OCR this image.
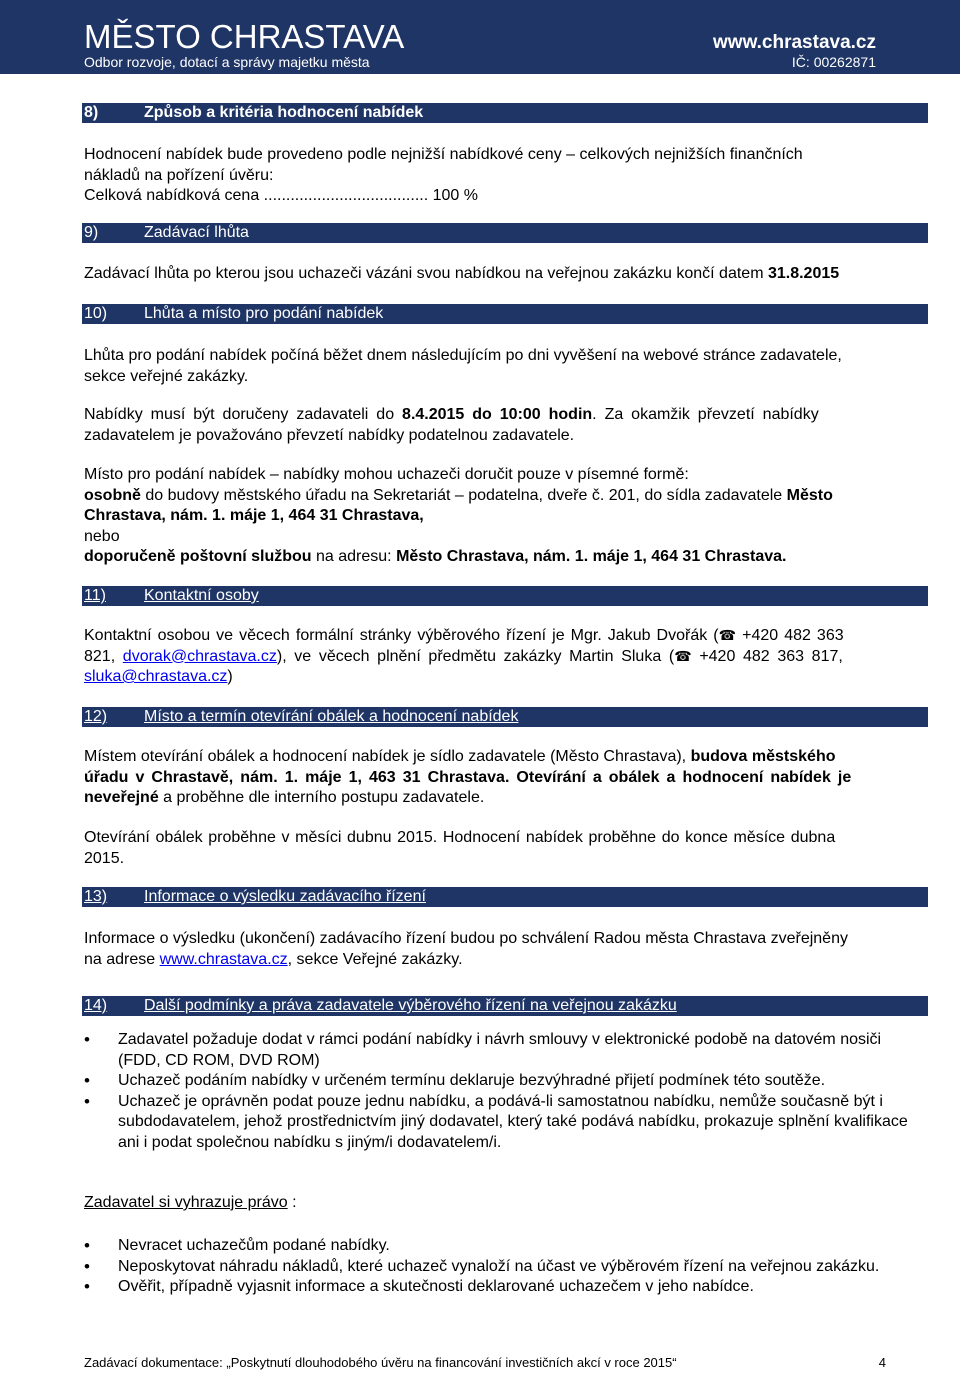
MĚSTO CHRASTAVA
Odbor rozvoje, dotací a správy majetku města
www.chrastava.cz
IČ: 00262871
8)	Způsob a kritéria hodnocení nabídek
Hodnocení nabídek bude provedeno podle nejnižší nabídkové ceny – celkových nejnižších finančních
nákladů na pořízení úvěru:
Celková nabídková cena ..................................... 100 %
9)	Zadávací lhůta
Zadávací lhůta po kterou jsou uchazeči vázáni svou nabídkou na veřejnou zakázku končí datem 31.8.2015
10) Lhůta a místo pro podání nabídek
Lhůta pro podání nabídek počíná běžet dnem následujícím po dni vyvěšení na webové stránce zadavatele,
sekce veřejné zakázky.
Nabídky musí být doručeny zadavateli do 8.4.2015 do 10:00 hodin. Za okamžik převzetí nabídky
zadavatelem je považováno převzetí nabídky podatelnou zadavatele.
Místo pro podání nabídek – nabídky mohou uchazeči doručit pouze v písemné formě:
osobně do budovy městského úřadu na Sekretariát – podatelna, dveře č. 201, do sídla zadavatele Město
Chrastava, nám. 1. máje 1, 464 31 Chrastava,
nebo
doporučeně poštovní službou na adresu: Město Chrastava, nám. 1. máje 1, 464 31 Chrastava.
11) Kontaktní osoby
Kontaktní osobou ve věcech formální stránky výběrového řízení je Mgr. Jakub Dvořák (☎ +420 482 363
821, dvorak@chrastava.cz), ve věcech plnění předmětu zakázky Martin Sluka (☎ +420 482 363 817,
sluka@chrastava.cz)
12) Místo a termín otevírání obálek a hodnocení nabídek
Místem otevírání obálek a hodnocení nabídek je sídlo zadavatele (Město Chrastava), budova městského
úřadu v Chrastavě, nám. 1. máje 1, 463 31 Chrastava. Otevírání a obálek a hodnocení nabídek je
neveřejné a proběhne dle interního postupu zadavatele.
Otevírání obálek proběhne v měsíci dubnu 2015. Hodnocení nabídek proběhne do konce měsíce dubna
2015.
13) Informace o výsledku zadávacího řízení
Informace o výsledku (ukončení) zadávacího řízení budou po schválení Radou města Chrastava zveřejněny
na adrese www.chrastava.cz, sekce Veřejné zakázky.
14) Další podmínky a práva zadavatele výběrového řízení na veřejnou zakázku
• Zadavatel požaduje dodat v rámci podání nabídky i návrh smlouvy v elektronické podobě na datovém nosiči (FDD, CD ROM, DVD ROM)
• Uchazeč podáním nabídky v určeném termínu deklaruje bezvýhradné přijetí podmínek této soutěže.
• Uchazeč je oprávněn podat pouze jednu nabídku, a podává-li samostatnou nabídku, nemůže současně být i subdodavatelem, jehož prostřednictvím jiný dodavatel, který také podává nabídku, prokazuje splnění kvalifikace ani i podat společnou nabídku s jiným/i dodavatelem/i.
Zadavatel si vyhrazuje právo :
• Nevracet uchazečům podané nabídky.
• Neposkytovat náhradu nákladů, které uchazeč vynaloží na účast ve výběrovém řízení na veřejnou zakázku.
• Ověřit, případně vyjasnit informace a skutečnosti deklarované uchazečem v jeho nabídce.
Zadávací dokumentace: „Poskytnutí dlouhodobého úvěru na financování investičních akcí v roce 2015“	4
